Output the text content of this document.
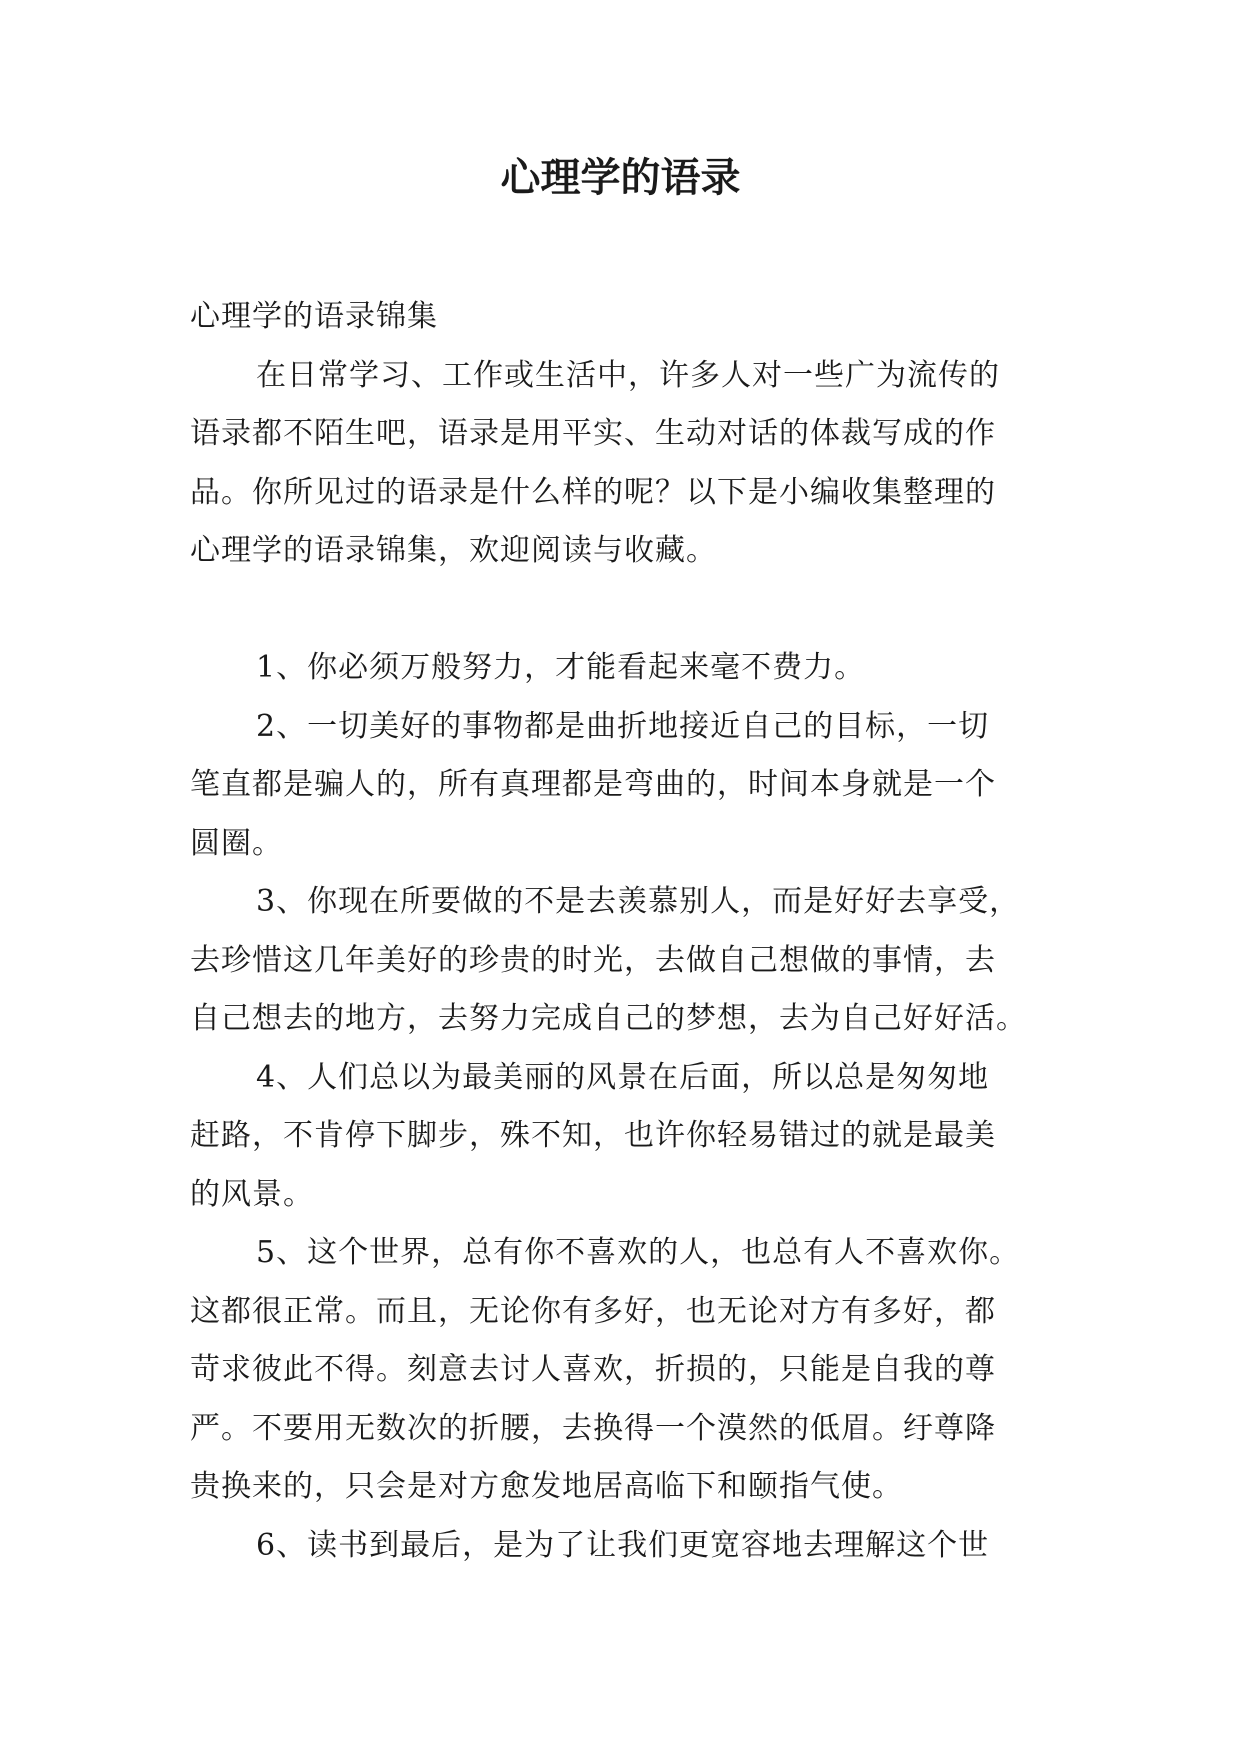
心理学的语录
心理学的语录锦集
在日常学习、工作或生活中，许多人对一些广为流传的
语录都不陌生吧，语录是用平实、生动对话的体裁写成的作
品。你所见过的语录是什么样的呢？以下是小编收集整理的
心理学的语录锦集，欢迎阅读与收藏。
1、你必须万般努力，才能看起来毫不费力。
2、一切美好的事物都是曲折地接近自己的目标，一切
笔直都是骗人的，所有真理都是弯曲的，时间本身就是一个
圆圈。
3、你现在所要做的不是去羡慕别人，而是好好去享受，
去珍惜这几年美好的珍贵的时光，去做自己想做的事情，去
自己想去的地方，去努力完成自己的梦想，去为自己好好活。
4、人们总以为最美丽的风景在后面，所以总是匆匆地
赶路，不肯停下脚步，殊不知，也许你轻易错过的就是最美
的风景。
5、这个世界，总有你不喜欢的人，也总有人不喜欢你。
这都很正常。而且，无论你有多好，也无论对方有多好，都
苛求彼此不得。刻意去讨人喜欢，折损的，只能是自我的尊
严。不要用无数次的折腰，去换得一个漠然的低眉。纡尊降
贵换来的，只会是对方愈发地居高临下和颐指气使。
6、读书到最后，是为了让我们更宽容地去理解这个世
